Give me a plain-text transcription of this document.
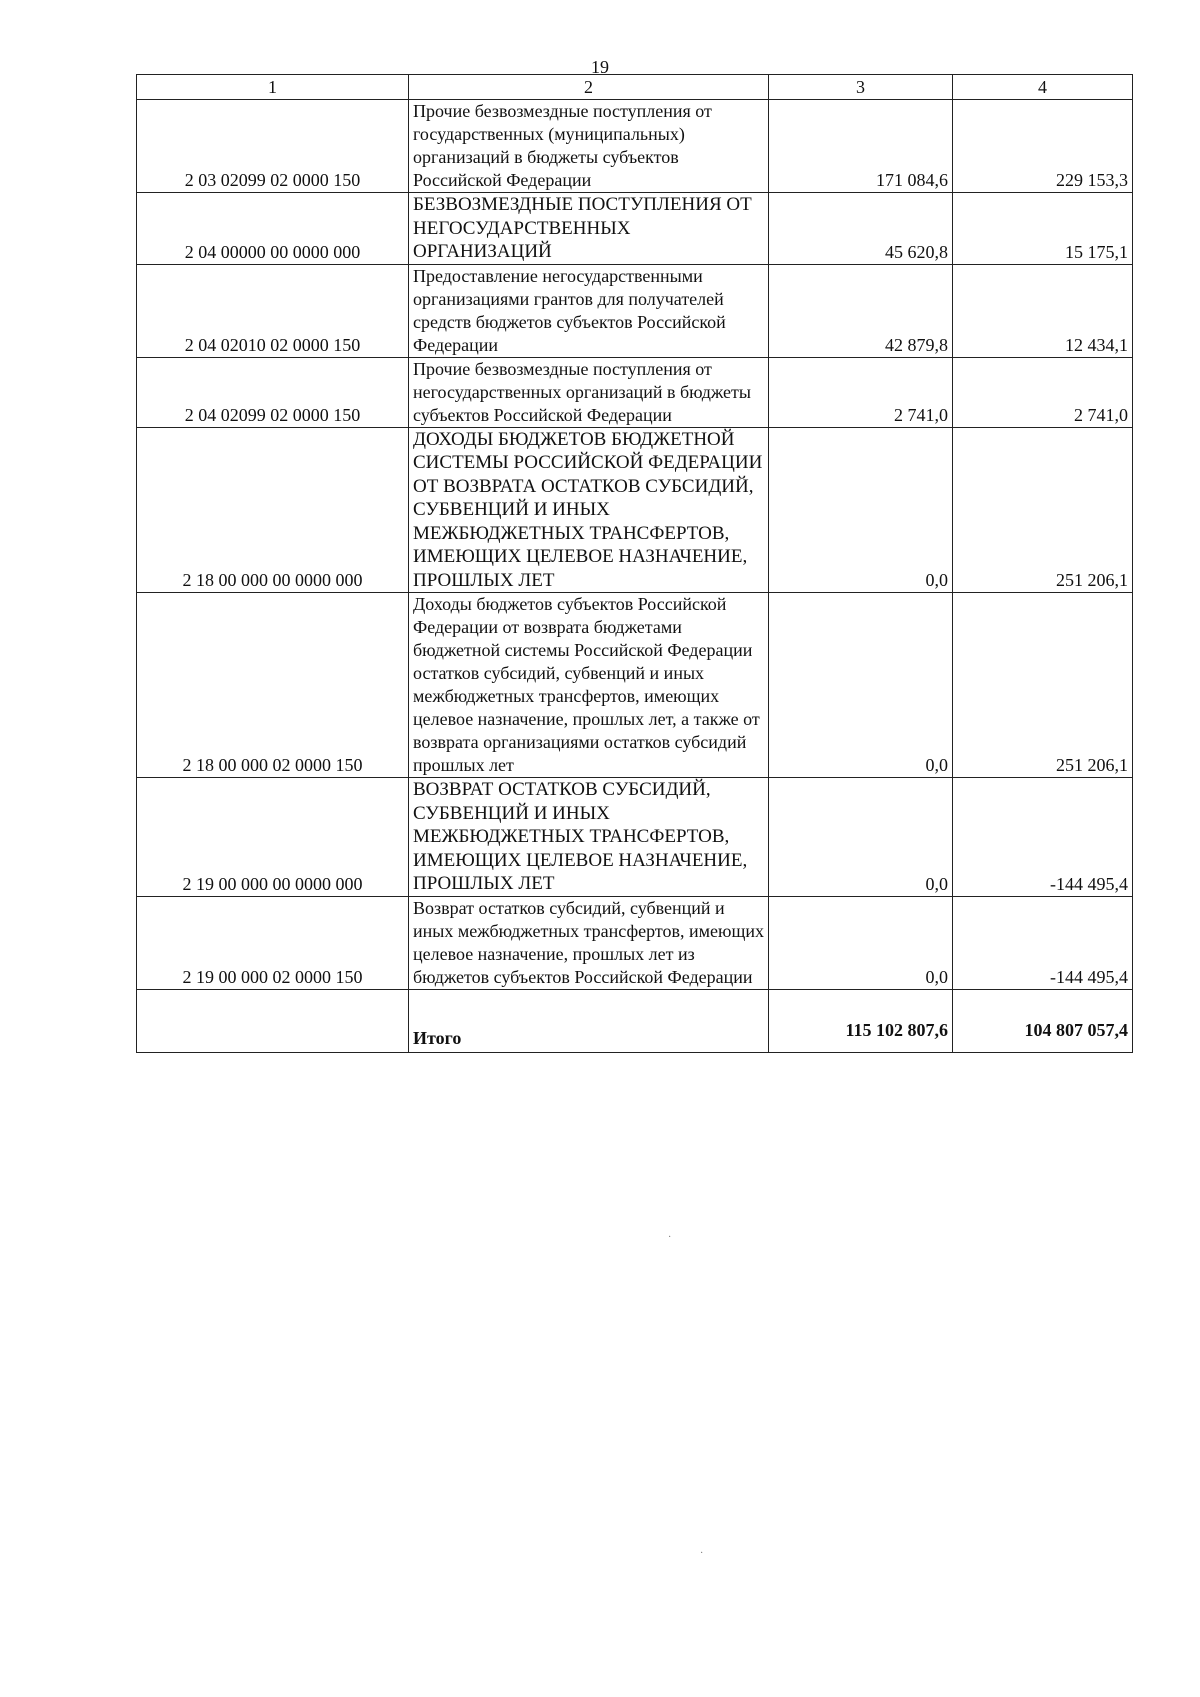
19
1	2	3	4
2 03 02099 02 0000 150	Прочие безвозмездные поступления от государственных (муниципальных) организаций в бюджеты субъектов Российской Федерации	171 084,6	229 153,3
2 04 00000 00 0000 000	БЕЗВОЗМЕЗДНЫЕ ПОСТУПЛЕНИЯ ОТ НЕГОСУДАРСТВЕННЫХ ОРГАНИЗАЦИЙ	45 620,8	15 175,1
2 04 02010 02 0000 150	Предоставление негосударственными организациями грантов для получателей средств бюджетов субъектов Российской Федерации	42 879,8	12 434,1
2 04 02099 02 0000 150	Прочие безвозмездные поступления от негосударственных организаций в бюджеты субъектов Российской Федерации	2 741,0	2 741,0
2 18 00 000 00 0000 000	ДОХОДЫ БЮДЖЕТОВ БЮДЖЕТНОЙ СИСТЕМЫ РОССИЙСКОЙ ФЕДЕРАЦИИ ОТ ВОЗВРАТА ОСТАТКОВ СУБСИДИЙ, СУБВЕНЦИЙ И ИНЫХ МЕЖБЮДЖЕТНЫХ ТРАНСФЕРТОВ, ИМЕЮЩИХ ЦЕЛЕВОЕ НАЗНАЧЕНИЕ, ПРОШЛЫХ ЛЕТ	0,0	251 206,1
2 18 00 000 02 0000 150	Доходы бюджетов субъектов Российской Федерации от возврата бюджетами бюджетной системы Российской Федерации остатков субсидий, субвенций и иных межбюджетных трансфертов, имеющих целевое назначение, прошлых лет, а также от возврата организациями остатков субсидий прошлых лет	0,0	251 206,1
2 19 00 000 00 0000 000	ВОЗВРАТ ОСТАТКОВ СУБСИДИЙ, СУБВЕНЦИЙ И ИНЫХ МЕЖБЮДЖЕТНЫХ ТРАНСФЕРТОВ, ИМЕЮЩИХ ЦЕЛЕВОЕ НАЗНАЧЕНИЕ, ПРОШЛЫХ ЛЕТ	0,0	-144 495,4
2 19 00 000 02 0000 150	Возврат остатков субсидий, субвенций и иных межбюджетных трансфертов, имеющих целевое назначение, прошлых лет из бюджетов субъектов Российской Федерации	0,0	-144 495,4
	Итого	115 102 807,6	104 807 057,4
·
·
